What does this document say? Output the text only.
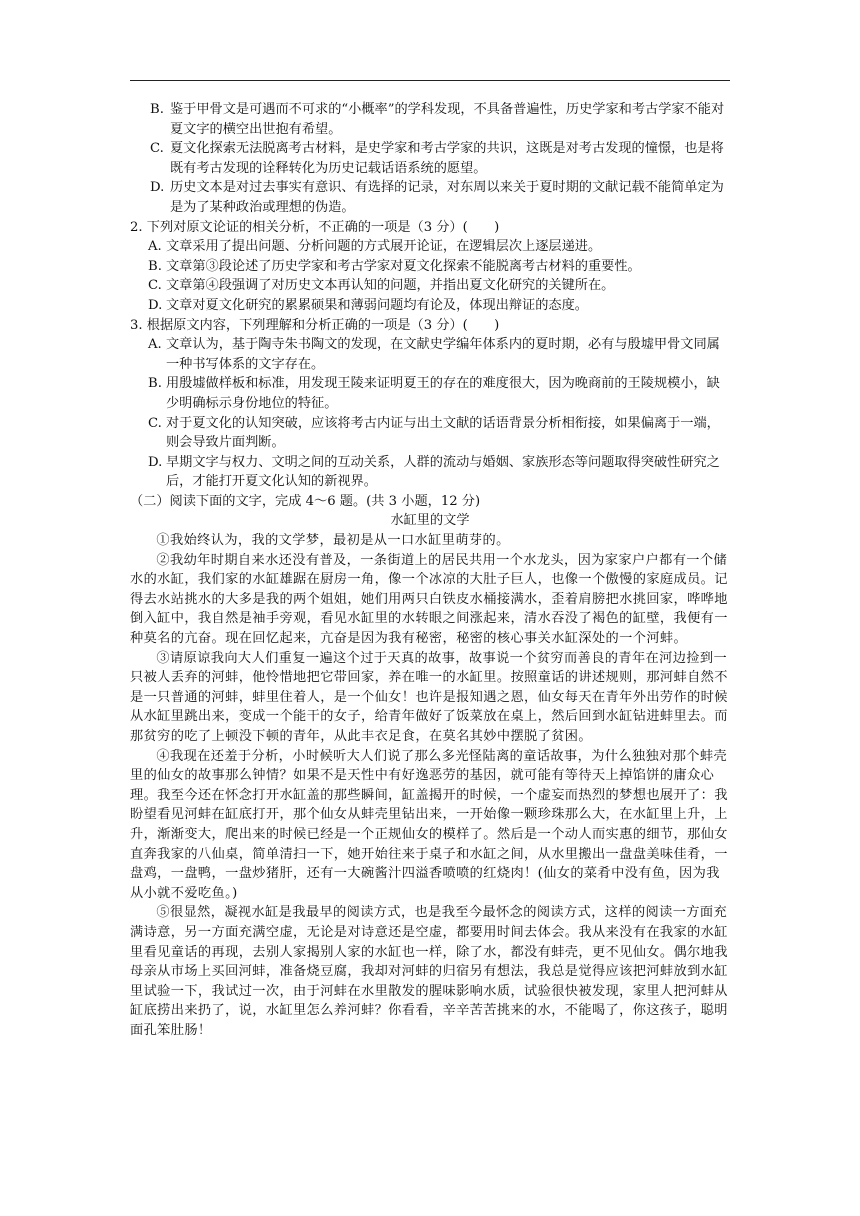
B. 鉴于甲骨文是可遇而不可求的“小概率”的学科发现，不具备普遍性，历史学家和考古学家不能对夏文字的横空出世抱有希望。

C. 夏文化探索无法脱离考古材料，是史学家和考古学家的共识，这既是对考古发现的憧憬，也是将既有考古发现的诠释转化为历史记载话语系统的愿望。

D. 历史文本是对过去事实有意识、有选择的记录，对东周以来关于夏时期的文献记载不能简单定为是为了某种政治或理想的伪造。

2. 下列对原文论证的相关分析，不正确的一项是（3 分）(　　)

A. 文章采用了提出问题、分析问题的方式展开论证，在逻辑层次上逐层递进。

B. 文章第③段论述了历史学家和考古学家对夏文化探索不能脱离考古材料的重要性。

C. 文章第④段强调了对历史文本再认知的问题，并指出夏文化研究的关键所在。

D. 文章对夏文化研究的累累硕果和薄弱问题均有论及，体现出辩证的态度。

3. 根据原文内容，下列理解和分析正确的一项是（3 分）(　　)

A. 文章认为，基于陶寺朱书陶文的发现，在文献史学编年体系内的夏时期，必有与殷墟甲骨文同属一种书写体系的文字存在。

B. 用殷墟做样板和标准，用发现王陵来证明夏王的存在的难度很大，因为晚商前的王陵规模小，缺少明确标示身份地位的特征。

C. 对于夏文化的认知突破，应该将考古内证与出土文献的话语背景分析相衔接，如果偏离于一端，则会导致片面判断。

D. 早期文字与权力、文明之间的互动关系，人群的流动与婚姻、家族形态等问题取得突破性研究之后，才能打开夏文化认知的新视界。

（二）阅读下面的文字，完成 4～6 题。(共 3 小题，12 分)

水缸里的文学

①我始终认为，我的文学梦，最初是从一口水缸里萌芽的。

②我幼年时期自来水还没有普及，一条街道上的居民共用一个水龙头，因为家家户户都有一个储水的水缸，我们家的水缸雄踞在厨房一角，像一个冰凉的大肚子巨人，也像一个傲慢的家庭成员。记得去水站挑水的大多是我的两个姐姐，她们用两只白铁皮水桶接满水，歪着肩膀把水挑回家，哗哗地倒入缸中，我自然是袖手旁观，看见水缸里的水转眼之间涨起来，清水吞没了褐色的缸壁，我便有一种莫名的亢奋。现在回忆起来，亢奋是因为我有秘密，秘密的核心事关水缸深处的一个河蚌。

③请原谅我向大人们重复一遍这个过于天真的故事，故事说一个贫穷而善良的青年在河边捡到一只被人丢弃的河蚌，他怜惜地把它带回家，养在唯一的水缸里。按照童话的讲述规则，那河蚌自然不是一只普通的河蚌，蚌里住着人，是一个仙女！也许是报知遇之恩，仙女每天在青年外出劳作的时候从水缸里跳出来，变成一个能干的女子，给青年做好了饭菜放在桌上，然后回到水缸钻进蚌里去。而那贫穷的吃了上顿没下顿的青年，从此丰衣足食，在莫名其妙中摆脱了贫困。

④我现在还羞于分析，小时候听大人们说了那么多光怪陆离的童话故事，为什么独独对那个蚌壳里的仙女的故事那么钟情？如果不是天性中有好逸恶劳的基因，就可能有等待天上掉馅饼的庸众心理。我至今还在怀念打开水缸盖的那些瞬间，缸盖揭开的时候，一个虚妄而热烈的梦想也展开了：我盼望看见河蚌在缸底打开，那个仙女从蚌壳里钻出来，一开始像一颗珍珠那么大，在水缸里上升，上升，渐渐变大，爬出来的时候已经是一个正规仙女的模样了。然后是一个动人而实惠的细节，那仙女直奔我家的八仙桌，简单清扫一下，她开始往来于桌子和水缸之间，从水里搬出一盘盘美味佳肴，一盘鸡，一盘鸭，一盘炒猪肝，还有一大碗酱汁四溢香喷喷的红烧肉！(仙女的菜肴中没有鱼，因为我从小就不爱吃鱼。)

⑤很显然，凝视水缸是我最早的阅读方式，也是我至今最怀念的阅读方式，这样的阅读一方面充满诗意，另一方面充满空虚，无论是对诗意还是空虚，都要用时间去体会。我从来没有在我家的水缸里看见童话的再现，去别人家揭别人家的水缸也一样，除了水，都没有蚌壳，更不见仙女。偶尔地我母亲从市场上买回河蚌，准备烧豆腐，我却对河蚌的归宿另有想法，我总是觉得应该把河蚌放到水缸里试验一下，我试过一次，由于河蚌在水里散发的腥味影响水质，试验很快被发现，家里人把河蚌从缸底捞出来扔了，说，水缸里怎么养河蚌？你看看，辛辛苦苦挑来的水，不能喝了，你这孩子，聪明面孔笨肚肠！
